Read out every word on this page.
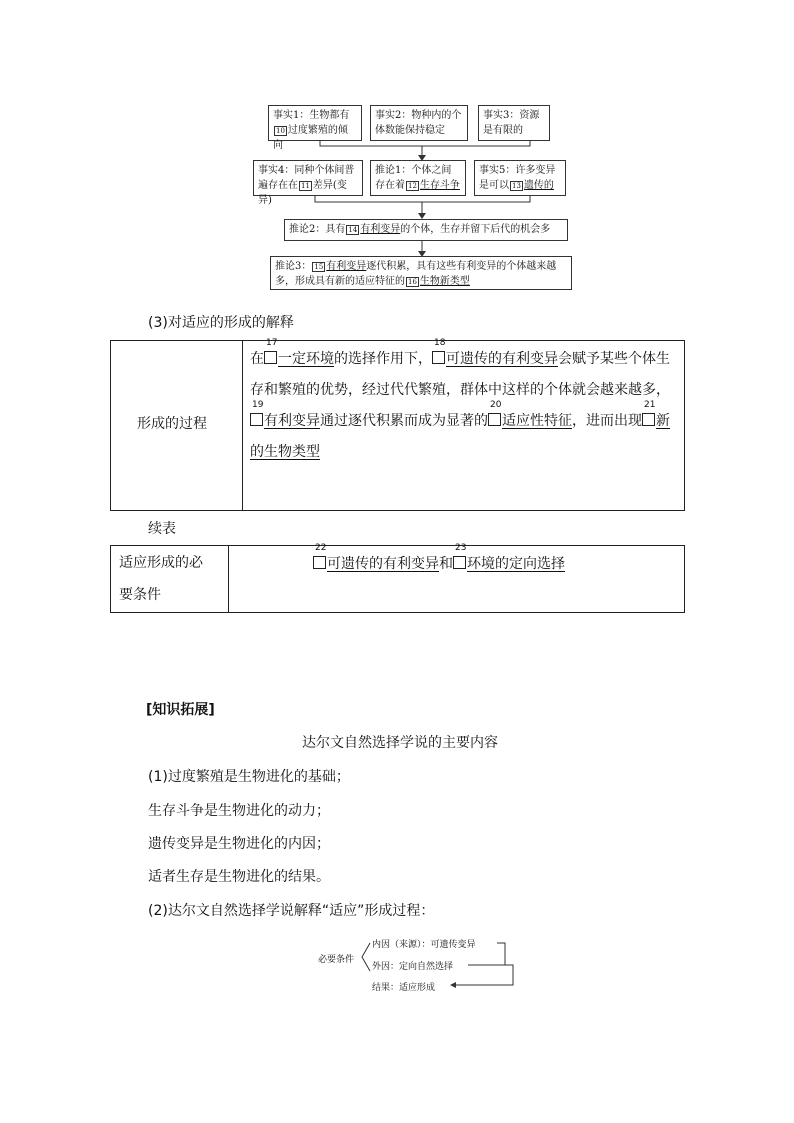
事实1：生物都有10 过度繁殖的倾向
事实2：物种内的个体数能保持稳定
事实3：资源是有限的
事实4：同种个体间普遍存在在 11 差异(变异)
推论1：个体之间存在着 12 生存斗争
事实5：许多变异是可以 13 遗传的
推论2：具有 14 有利变异的个体，生存并留下后代的机会多
推论3： 15 有利变异逐代积累，具有这些有利变异的个体越来越多，形成具有新的适应特征的 16 生物新类型
(3)对适应的形成的解释
形成的过程
在
17
一定环境的选择作用下，
18
可遗传的有利变异会赋予某些个体生存和繁殖的优势，经过代代繁殖，群体中这样的个体就会越来越多，
19
有利变异通过逐代积累而成为显著的
20
适应性特征，进而出现
21
新的生物类型
续表
适应形成的必
要条件
22
可遗传的有利变异和
23
环境的定向选择
[知识拓展]
达尔文自然选择学说的主要内容
(1)过度繁殖是生物进化的基础；
生存斗争是生物进化的动力；
遗传变异是生物进化的内因；
适者生存是生物进化的结果。
(2)达尔文自然选择学说解释“适应”形成过程：
必要条件
内因（来源）：可遗传变异
外因：定向自然选择
结果：适应形成
